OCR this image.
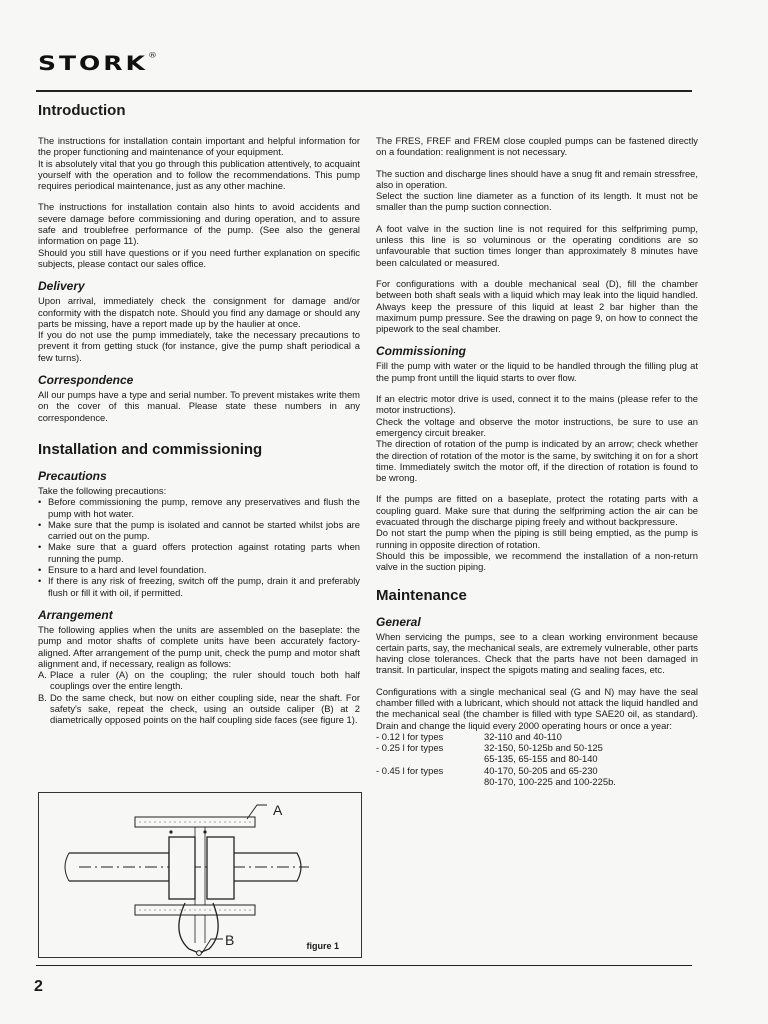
STORK®
Introduction

The instructions for installation contain important and helpful information for the proper functioning and maintenance of your equipment.

It is absolutely vital that you go through this publication attentively, to acquaint yourself with the operation and to follow the recommendations. This pump requires periodical maintenance, just as any other machine.

The instructions for installation contain also hints to avoid accidents and severe damage before commissioning and during operation, and to assure safe and troublefree performance of the pump. (See also the general information on page 11).

Should you still have questions or if you need further explanation on specific subjects, please contact our sales office.

Delivery

Upon arrival, immediately check the consignment for damage and/or conformity with the dispatch note. Should you find any damage or should any parts be missing, have a report made up by the haulier at once.

If you do not use the pump immediately, take the necessary precautions to prevent it from getting stuck (for instance, give the pump shaft periodical a few turns).

Correspondence

All our pumps have a type and serial number. To prevent mistakes write them on the cover of this manual. Please state these numbers in any correspondence.

Installation and commissioning
Precautions

Take the following precautions:

• Before commissioning the pump, remove any preservatives and flush the pump with hot water.
• Make sure that the pump is isolated and cannot be started whilst jobs are carried out on the pump.
• Make sure that a guard offers protection against rotating parts when running the pump.
• Ensure to a hard and level foundation.
• If there is any risk of freezing, switch off the pump, drain it and preferably flush or fill it with oil, if permitted.
Arrangement

The following applies when the units are assembled on the baseplate: the pump and motor shafts of complete units have been accurately factory-aligned. After arrangement of the pump unit, check the pump and motor shaft alignment and, if necessary, realign as follows:

A. Place a ruler (A) on the coupling; the ruler should touch both half couplings over the entire length.
B. Do the same check, but now on either coupling side, near the shaft. For safety's sake, repeat the check, using an outside caliper (B) at 2 diametrically opposed points on the half coupling side faces (see figure 1).
A
B	figure 1

The FRES, FREF and FREM close coupled pumps can be fastened directly on a foundation: realignment is not necessary.

The suction and discharge lines should have a snug fit and remain stressfree, also in operation.

Select the suction line diameter as a function of its length. It must not be smaller than the pump suction connection.

A foot valve in the suction line is not required for this selfpriming pump, unless this line is so voluminous or the operating conditions are so unfavourable that suction times longer than approximately 8 minutes have been calculated or measured.

For configurations with a double mechanical seal (D), fill the chamber between both shaft seals with a liquid which may leak into the liquid handled. Always keep the pressure of this liquid at least 2 bar higher than the maximum pump pressure. See the drawing on page 9, on how to connect the pipework to the seal chamber.

Commissioning

Fill the pump with water or the liquid to be handled through the filling plug at the pump front untill the liquid starts to over flow.

If an electric motor drive is used, connect it to the mains (please refer to the motor instructions).

Check the voltage and observe the motor instructions, be sure to use an emergency circuit breaker.

The direction of rotation of the pump is indicated by an arrow; check whether the direction of rotation of the motor is the same, by switching it on for a short time. Immediately switch the motor off, if the direction of rotation is found to be wrong.

If the pumps are fitted on a baseplate, protect the rotating parts with a coupling guard. Make sure that during the selfpriming action the air can be evacuated through the discharge piping freely and without backpressure.

Do not start the pump when the piping is still being emptied, as the pump is running in opposite direction of rotation.

Should this be impossible, we recommend the installation of a non-return valve in the suction piping.

Maintenance
General

When servicing the pumps, see to a clean working environment because certain parts, say, the mechanical seals, are extremely vulnerable, other parts having close tolerances. Check that the parts have not been damaged in transit. In particular, inspect the spigots mating and sealing faces, etc.

Configurations with a single mechanical seal (G and N) may have the seal chamber filled with a lubricant, which should not attack the liquid handled and the mechanical seal (the chamber is filled with type SAE20 oil, as standard). Drain and change the liquid every 2000 operating hours or once a year:

- 0.12 l for types	32-110 and 40-110
- 0.25 l for types	32-150, 50-125b and 50-125
65-135, 65-155 and 80-140
- 0.45 l for types	40-170, 50-205 and 65-230
80-170, 100-225 and 100-225b.
2
